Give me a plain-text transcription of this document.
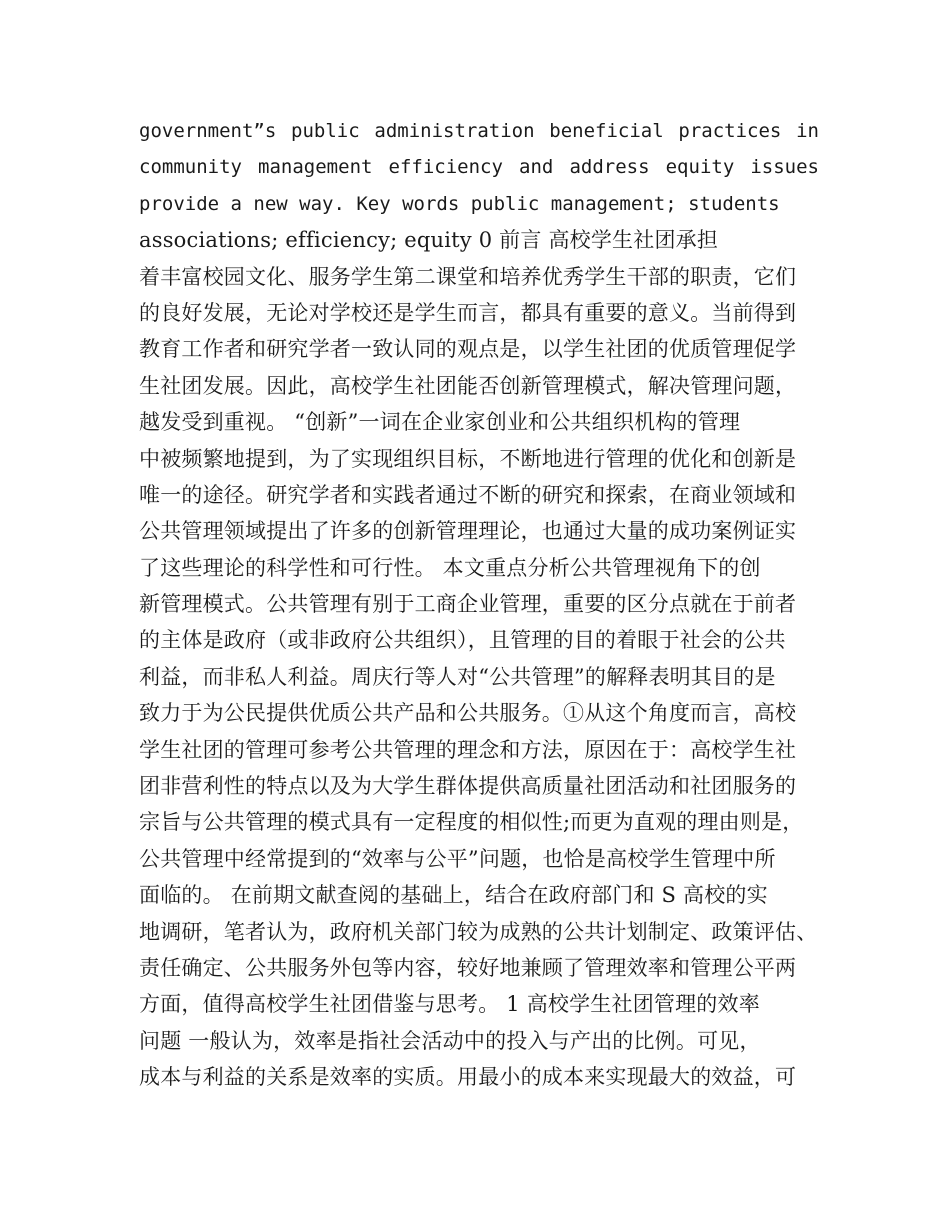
government”s public administration beneficial practices in
community management efficiency and address equity issues
provide a new way. Key words public management; students
associations; efficiency; equity 0 前言 高校学生社团承担
着丰富校园文化、服务学生第二课堂和培养优秀学生干部的职责，它们
的良好发展，无论对学校还是学生而言，都具有重要的意义。当前得到
教育工作者和研究学者一致认同的观点是，以学生社团的优质管理促学
生社团发展。因此，高校学生社团能否创新管理模式，解决管理问题，
越发受到重视。 “创新”一词在企业家创业和公共组织机构的管理
中被频繁地提到，为了实现组织目标，不断地进行管理的优化和创新是
唯一的途径。研究学者和实践者通过不断的研究和探索，在商业领域和
公共管理领域提出了许多的创新管理理论，也通过大量的成功案例证实
了这些理论的科学性和可行性。 本文重点分析公共管理视角下的创
新管理模式。公共管理有别于工商企业管理，重要的区分点就在于前者
的主体是政府（或非政府公共组织），且管理的目的着眼于社会的公共
利益，而非私人利益。周庆行等人对“公共管理”的解释表明其目的是
致力于为公民提供优质公共产品和公共服务。①从这个角度而言，高校
学生社团的管理可参考公共管理的理念和方法，原因在于：高校学生社
团非营利性的特点以及为大学生群体提供高质量社团活动和社团服务的
宗旨与公共管理的模式具有一定程度的相似性;而更为直观的理由则是，
公共管理中经常提到的“效率与公平”问题，也恰是高校学生管理中所
面临的。 在前期文献查阅的基础上，结合在政府部门和 S 高校的实
地调研，笔者认为，政府机关部门较为成熟的公共计划制定、政策评估、
责任确定、公共服务外包等内容，较好地兼顾了管理效率和管理公平两
方面，值得高校学生社团借鉴与思考。 1 高校学生社团管理的效率
问题 一般认为，效率是指社会活动中的投入与产出的比例。可见，
成本与利益的关系是效率的实质。用最小的成本来实现最大的效益，可
